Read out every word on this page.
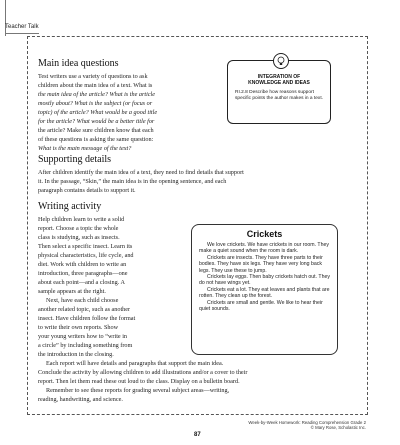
Teacher Talk
Main idea questions
Test writers use a variety of questions to ask
children about the main idea of a text. What is
the main idea of the article? What is the article
mostly about? What is the subject (or focus or
topic) of the article? What would be a good title
for the article? What would be a better title for
the article? Make sure children know that each
of these questions is asking the same question:
What is the main message of the text?
INTEGRATION OF
KNOWLEDGE AND IDEAS
RI.2.8 Describe how reasons support specific points the author makes in a text.
Supporting details
After children identify the main idea of a text, they need to find details that support
it. In the passage, “Skin,” the main idea is in the opening sentence, and each
paragraph contains details to support it.
Writing activity
Help children learn to write a solid
report. Choose a topic the whole
class is studying, such as insects.
Then select a specific insect. Learn its
physical characteristics, life cycle, and
diet. Work with children to write an
introduction, three paragraphs—one
about each point—and a closing. A
sample appears at the right.
Next, have each child choose
another related topic, such as another
insect. Have children follow the format
to write their own reports. Show
your young writers how to “write in
a circle” by including something from
the introduction in the closing.
Each report will have details and paragraphs that support the main idea.
Conclude the activity by allowing children to add illustrations and/or a cover to their
report. Then let them read these out loud to the class. Display on a bulletin board.
Remember to see these reports for grading several subject areas—writing,
reading, handwriting, and science.
Crickets

We love crickets. We have crickets in our room. They make a quiet sound when the room is dark.

Crickets are insects. They have three parts to their bodies. They have six legs. They have very long back legs. They use these to jump.

Crickets lay eggs. Then baby crickets hatch out. They do not have wings yet.

Crickets eat a lot. They eat leaves and plants that are rotten. They clean up the forest.

Crickets are small and gentle. We like to hear their quiet sounds.

Week-by-Week Homework: Reading Comprehension Grade 2
© Mary Rose, Scholastic Inc.
87
